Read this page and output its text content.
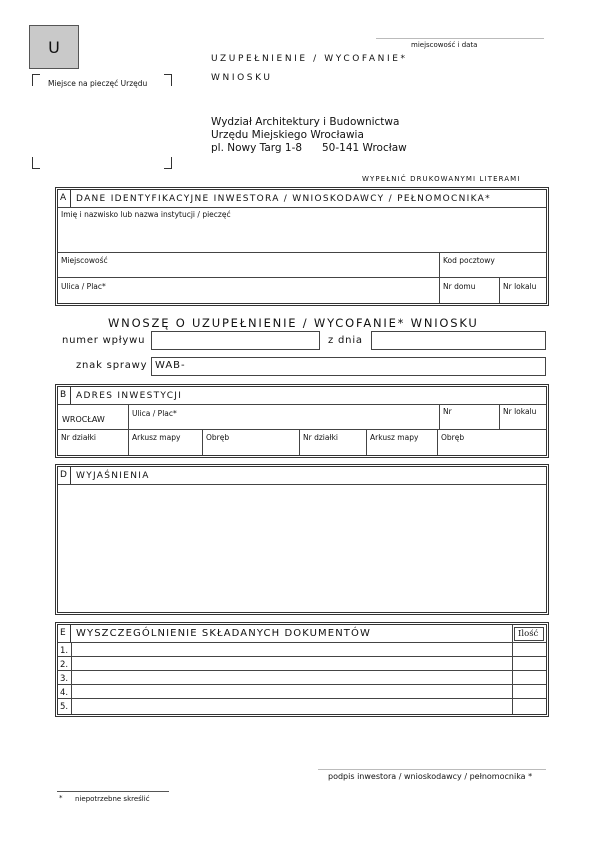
U
Miejsce na pieczęć Urzędu
miejscowość i data
UZUPEŁNIENIE / WYCOFANIE*
WNIOSKU
Wydział Architektury i Budownictwa
Urzędu Miejskiego Wrocławia
pl. Nowy Targ 1-8 50-141 Wrocław
WYPEŁNIĆ DRUKOWANYMI LITERAMI
A DANE IDENTYFIKACYJNE INWESTORA / WNIOSKODAWCY / PEŁNOMOCNIKA*
Imię i nazwisko lub nazwa instytucji / pieczęć
Miejscowość	Kod pocztowy
Ulica / Plac*	Nr domu	Nr lokalu
WNOSZĘ O UZUPEŁNIENIE / WYCOFANIE* WNIOSKU
numer wpływu	z dnia
znak sprawy WAB-
B ADRES INWESTYCJI
WROCŁAW
Ulica / Plac*	Nr	Nr lokalu
Nr działki	Arkusz mapy	Obręb	Nr działki	Arkusz mapy	Obręb
D WYJAŚNIENIA
E WYSZCZEGÓLNIENIE SKŁADANYCH DOKUMENTÓW	Ilość
1.
2.
3.
4.
5.
podpis inwestora / wnioskodawcy / pełnomocnika *
* niepotrzebne skreślić
